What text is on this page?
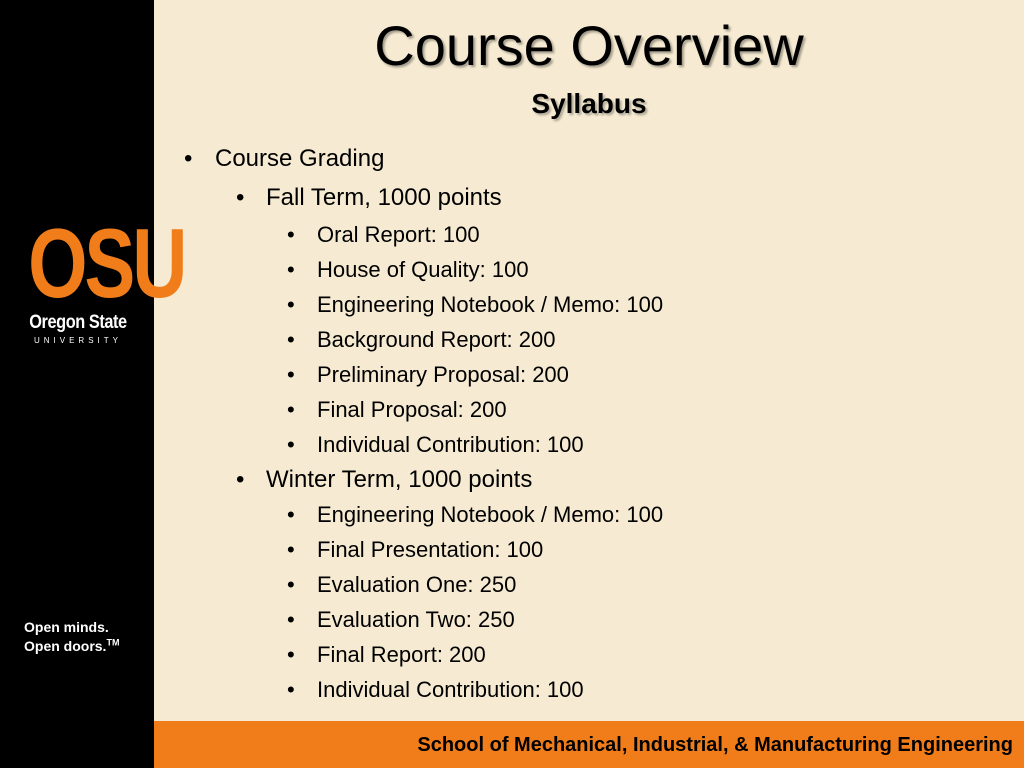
OSU
Oregon State
UNIVERSITY
Open minds.
Open doors.™
Course Overview
Syllabus
• Course Grading
• Fall Term, 1000 points
• Oral Report: 100
• House of Quality: 100
• Engineering Notebook / Memo: 100
• Background Report: 200
• Preliminary Proposal: 200
• Final Proposal: 200
• Individual Contribution: 100
• Winter Term, 1000 points
• Engineering Notebook / Memo: 100
• Final Presentation: 100
• Evaluation One: 250
• Evaluation Two: 250
• Final Report: 200
• Individual Contribution: 100
School of Mechanical, Industrial, & Manufacturing Engineering
